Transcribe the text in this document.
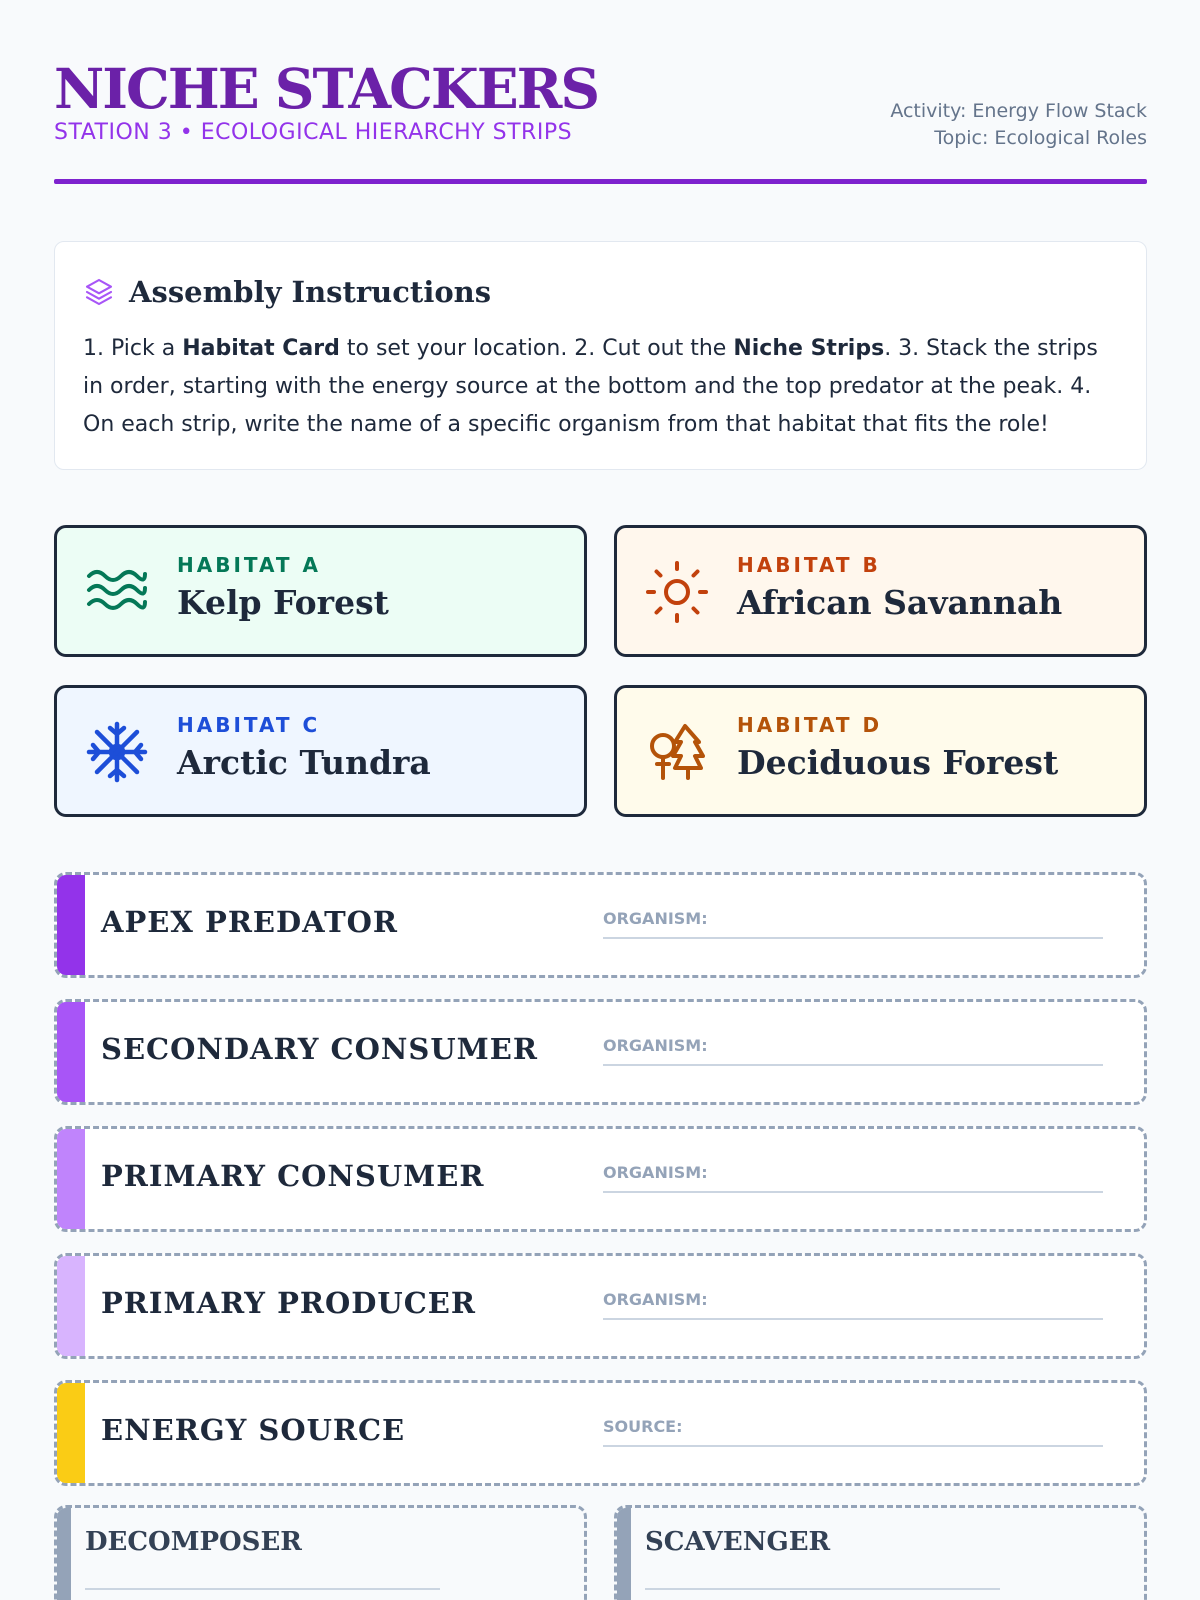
NICHE STACKERS
STATION 3 • ECOLOGICAL HIERARCHY STRIPS
Activity: Energy Flow Stack
Topic: Ecological Roles
Assembly Instructions

1. Pick a Habitat Card to set your location. 2. Cut out the Niche Strips. 3. Stack the strips in order, starting with the energy source at the bottom and the top predator at the peak. 4. On each strip, write the name of a specific organism from that habitat that fits the role!

HABITAT A
Kelp Forest
HABITAT B
African Savannah
HABITAT C
Arctic Tundra
HABITAT D
Deciduous Forest
APEX PREDATOR	ORGANISM:
SECONDARY CONSUMER	ORGANISM:
PRIMARY CONSUMER	ORGANISM:
PRIMARY PRODUCER	ORGANISM:
ENERGY SOURCE	SOURCE:
DECOMPOSER	SCAVENGER
